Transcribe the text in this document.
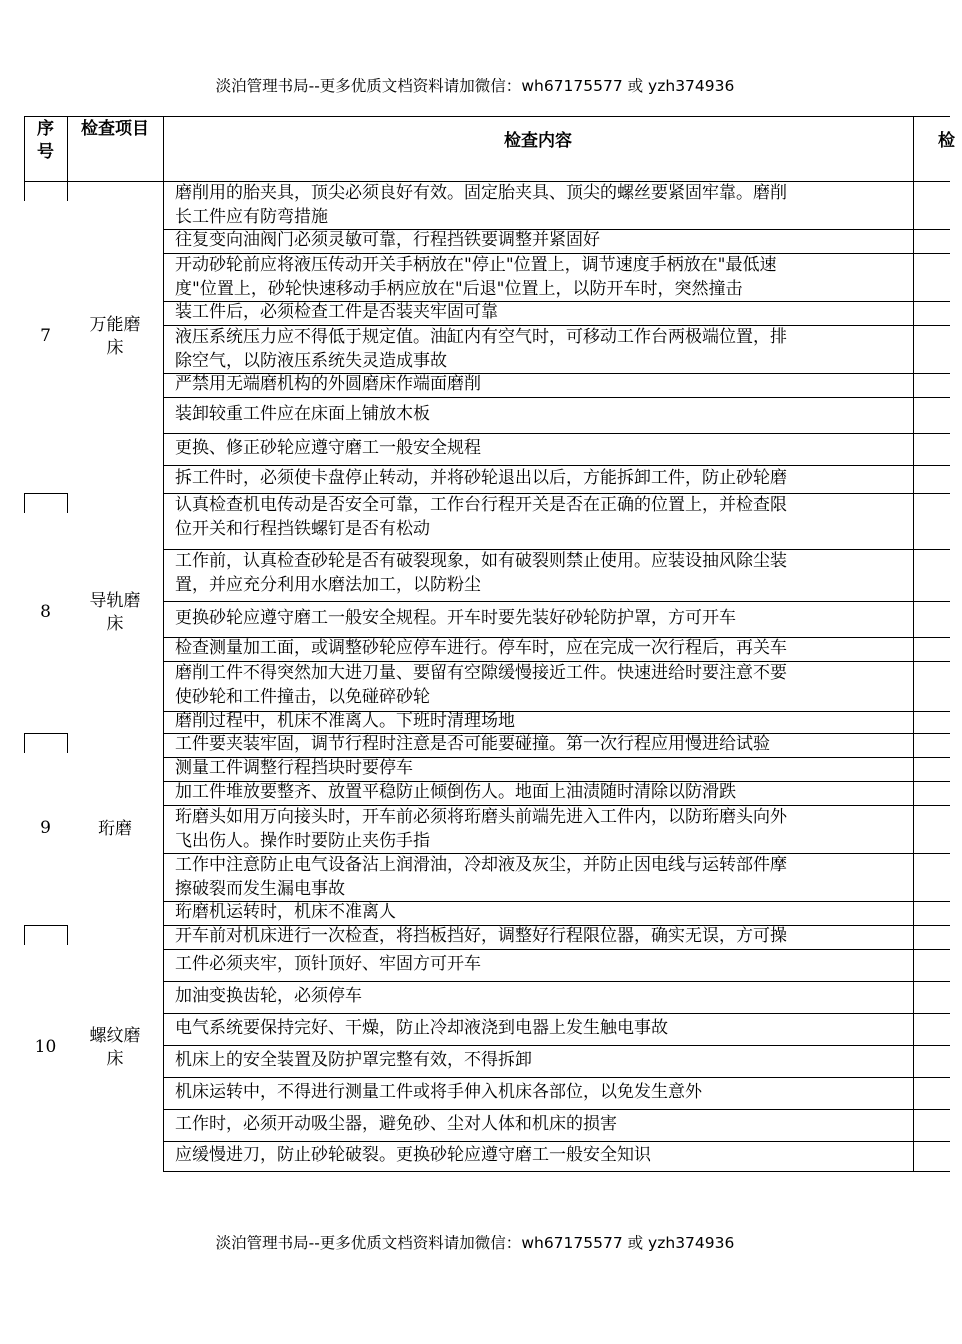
淡泊管理书局--更多优质文档资料请加微信：wh67175577 或 yzh374936
序号
检查项目
检查内容	检
7
万能磨床
磨削用的胎夹具，顶尖必须良好有效。固定胎夹具、顶尖的螺丝要紧固牢靠。磨削
长工件应有防弯措施
往复变向油阀门必须灵敏可靠，行程挡铁要调整并紧固好
开动砂轮前应将液压传动开关手柄放在"停止"位置上，调节速度手柄放在"最低速
度"位置上，砂轮快速移动手柄应放在"后退"位置上，以防开车时，突然撞击
装工件后，必须检查工件是否装夹牢固可靠
液压系统压力应不得低于规定值。油缸内有空气时，可移动工作台两极端位置，排
除空气，以防液压系统失灵造成事故
严禁用无端磨机构的外圆磨床作端面磨削
装卸较重工件应在床面上铺放木板
更换、修正砂轮应遵守磨工一般安全规程
拆工件时，必须使卡盘停止转动，并将砂轮退出以后，方能拆卸工件，防止砂轮磨
8
导轨磨床
认真检查机电传动是否安全可靠，工作台行程开关是否在正确的位置上，并检查限
位开关和行程挡铁螺钉是否有松动
工作前，认真检查砂轮是否有破裂现象，如有破裂则禁止使用。应装设抽风除尘装
置，并应充分利用水磨法加工，以防粉尘
更换砂轮应遵守磨工一般安全规程。开车时要先装好砂轮防护罩，方可开车
检查测量加工面，或调整砂轮应停车进行。停车时，应在完成一次行程后，再关车
磨削工件不得突然加大进刀量、要留有空隙缓慢接近工件。快速进给时要注意不要
使砂轮和工件撞击，以免碰碎砂轮
磨削过程中，机床不准离人。下班时清理场地
9	珩磨
工件要夹装牢固，调节行程时注意是否可能要碰撞。第一次行程应用慢进给试验
测量工件调整行程挡块时要停车
加工件堆放要整齐、放置平稳防止倾倒伤人。地面上油渍随时清除以防滑跌
珩磨头如用万向接头时，开车前必须将珩磨头前端先进入工件内，以防珩磨头向外
飞出伤人。操作时要防止夹伤手指
工作中注意防止电气设备沾上润滑油，冷却液及灰尘，并防止因电线与运转部件摩
擦破裂而发生漏电事故
珩磨机运转时，机床不准离人
10
螺纹磨床
开车前对机床进行一次检查，将挡板挡好，调整好行程限位器，确实无误，方可操
工件必须夹牢，顶针顶好、牢固方可开车
加油变换齿轮，必须停车
电气系统要保持完好、干燥，防止冷却液浇到电器上发生触电事故
机床上的安全装置及防护罩完整有效，不得拆卸
机床运转中，不得进行测量工件或将手伸入机床各部位，以免发生意外
工作时，必须开动吸尘器，避免砂、尘对人体和机床的损害
应缓慢进刀，防止砂轮破裂。更换砂轮应遵守磨工一般安全知识
淡泊管理书局--更多优质文档资料请加微信：wh67175577 或 yzh374936
